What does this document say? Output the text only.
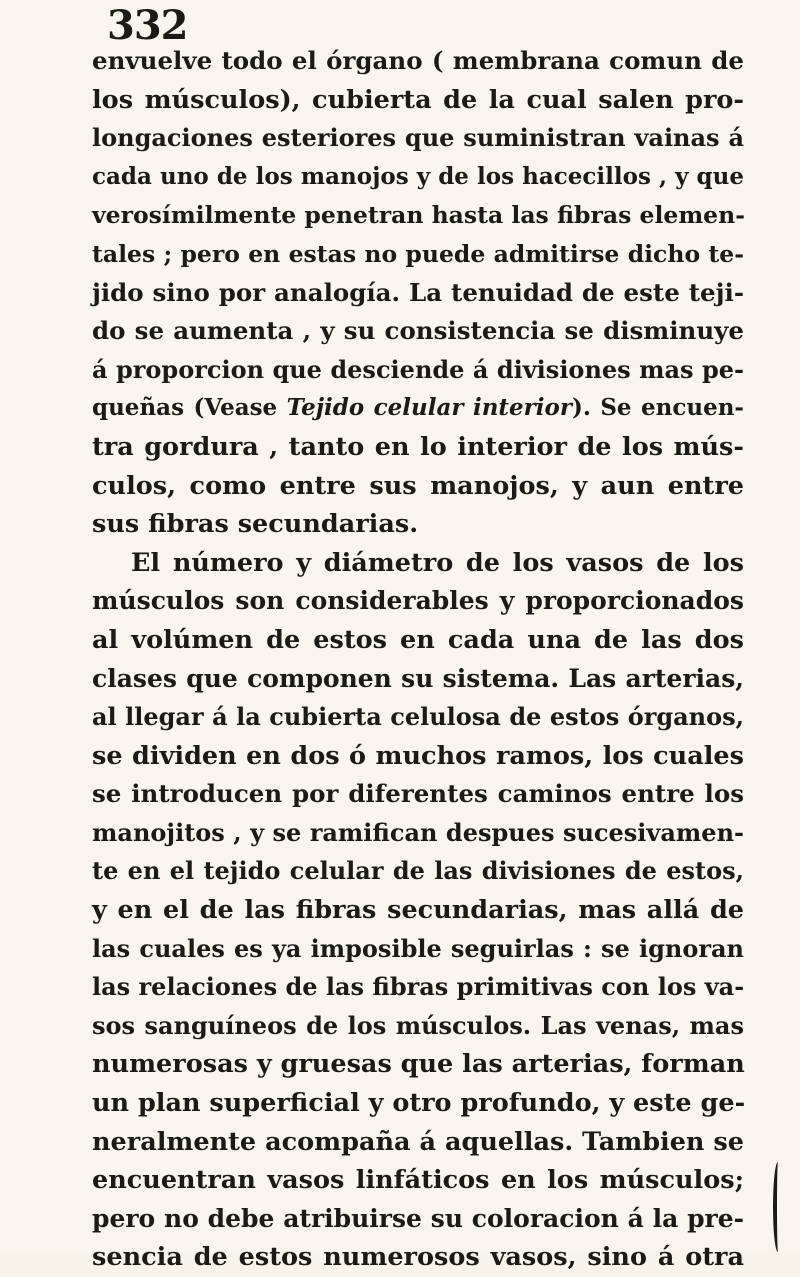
332
envuelve todo el órgano ( membrana comun de
los músculos), cubierta de la cual salen pro-
longaciones esteriores que suministran vainas á
cada uno de los manojos y de los hacecillos , y que
verosímilmente penetran hasta las fibras elemen-
tales ; pero en estas no puede admitirse dicho te-
jido sino por analogía. La tenuidad de este teji-
do se aumenta , y su consistencia se disminuye
á proporcion que desciende á divisiones mas pe-
queñas (Vease Tejido celular interior). Se encuen-
tra gordura , tanto en lo interior de los mús-
culos, como entre sus manojos, y aun entre
sus fibras secundarias.
El número y diámetro de los vasos de los
músculos son considerables y proporcionados
al volúmen de estos en cada una de las dos
clases que componen su sistema. Las arterias,
al llegar á la cubierta celulosa de estos órganos,
se dividen en dos ó muchos ramos, los cuales
se introducen por diferentes caminos entre los
manojitos , y se ramifican despues sucesivamen-
te en el tejido celular de las divisiones de estos,
y en el de las fibras secundarias, mas allá de
las cuales es ya imposible seguirlas : se ignoran
las relaciones de las fibras primitivas con los va-
sos sanguíneos de los músculos. Las venas, mas
numerosas y gruesas que las arterias, forman
un plan superficial y otro profundo, y este ge-
neralmente acompaña á aquellas. Tambien se
encuentran vasos linfáticos en los músculos;
pero no debe atribuirse su coloracion á la pre-
sencia de estos numerosos vasos, sino á otra
